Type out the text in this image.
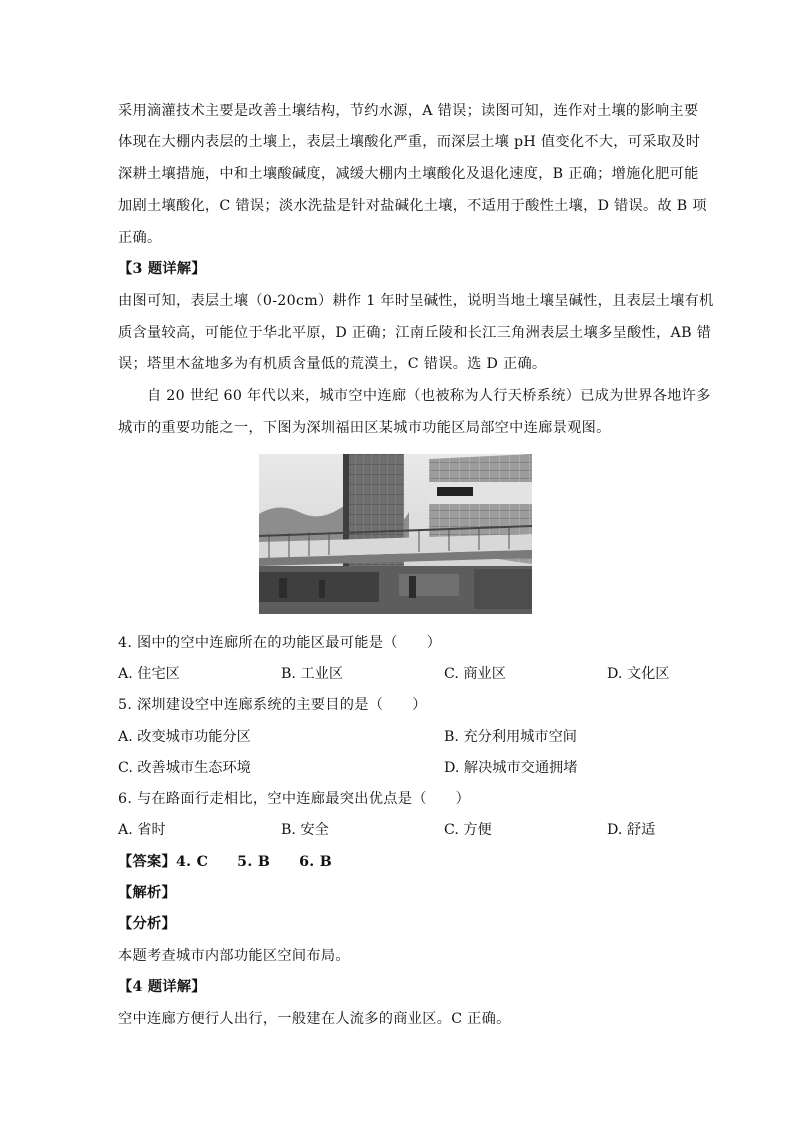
采用滴灌技术主要是改善土壤结构，节约水源，A 错误；读图可知，连作对土壤的影响主要
体现在大棚内表层的土壤上，表层土壤酸化严重，而深层土壤 pH 值变化不大，可采取及时
深耕土壤措施，中和土壤酸碱度，减缓大棚内土壤酸化及退化速度，B 正确；增施化肥可能
加剧土壤酸化，C 错误；淡水洗盐是针对盐碱化土壤，不适用于酸性土壤，D 错误。故 B 项
正确。
【3 题详解】
由图可知，表层土壤（0-20cm）耕作 1 年时呈碱性，说明当地土壤呈碱性，且表层土壤有机
质含量较高，可能位于华北平原，D 正确；江南丘陵和长江三角洲表层土壤多呈酸性，AB 错
误；塔里木盆地多为有机质含量低的荒漠土，C 错误。选 D 正确。
自 20 世纪 60 年代以来，城市空中连廊（也被称为人行天桥系统）已成为世界各地许多
城市的重要功能之一，下图为深圳福田区某城市功能区局部空中连廊景观图。
4. 图中的空中连廊所在的功能区最可能是（　　）
A. 住宅区	B. 工业区	C. 商业区	D. 文化区
5. 深圳建设空中连廊系统的主要目的是（　　）
A. 改变城市功能分区	B. 充分利用城市空间
C. 改善城市生态环境	D. 解决城市交通拥堵
6. 与在路面行走相比，空中连廊最突出优点是（　　）
A. 省时	B. 安全	C. 方便	D. 舒适
【答案】4. C　　5. B　　6. B
【解析】
【分析】
本题考查城市内部功能区空间布局。
【4 题详解】
空中连廊方便行人出行，一般建在人流多的商业区。C 正确。
